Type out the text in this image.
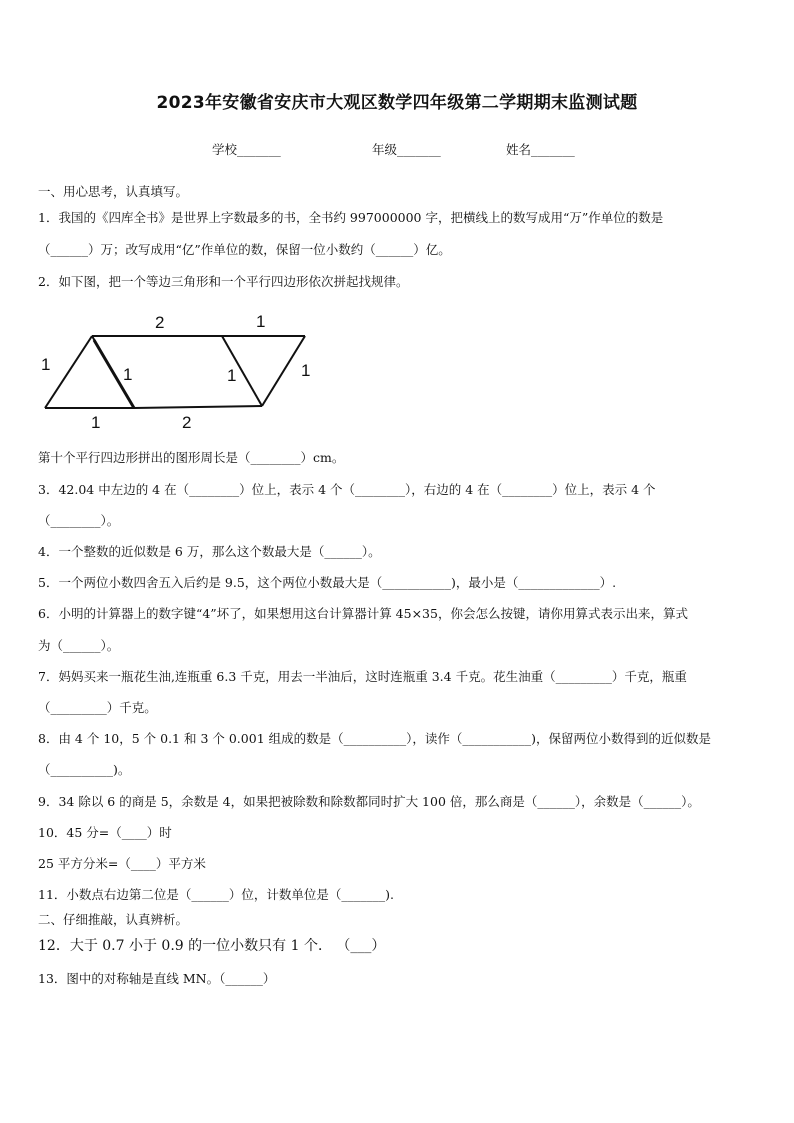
2023年安徽省安庆市大观区数学四年级第二学期期末监测试题
学校_______	年级_______	姓名_______
一、用心思考，认真填写。
1．我国的《四库全书》是世界上字数最多的书，全书约 997000000 字，把横线上的数写成用“万”作单位的数是
（______）万；改写成用“亿”作单位的数，保留一位小数约（______）亿。
2．如下图，把一个等边三角形和一个平行四边形依次拼起找规律。
1
2	1
1	1	1
1	2
第十个平行四边形拼出的图形周长是（________）cm。
3．42.04 中左边的 4 在（________）位上，表示 4 个（________），右边的 4 在（________）位上，表示 4 个
（________）。
4．一个整数的近似数是 6 万，那么这个数最大是（______）。
5．一个两位小数四舍五入后约是 9.5，这个两位小数最大是（___________)，最小是（_____________）.
6．小明的计算器上的数字键“4”坏了，如果想用这台计算器计算 45×35，你会怎么按键，请你用算式表示出来，算式
为（______）。
7．妈妈买来一瓶花生油,连瓶重 6.3 千克，用去一半油后，这时连瓶重 3.4 千克。花生油重（_________）千克，瓶重
（_________）千克。
8．由 4 个 10，5 个 0.1 和 3 个 0.001 组成的数是（__________），读作（___________)，保留两位小数得到的近似数是
（__________)。
9．34 除以 6 的商是 5，余数是 4，如果把被除数和除数都同时扩大 100 倍，那么商是（______），余数是（______）。
10．45 分=（____）时
25 平方分米=（____）平方米
11．小数点右边第二位是（______）位，计数单位是（_______).
二、仔细推敲，认真辨析。
12．大于 0.7 小于 0.9 的一位小数只有 1 个． （___）
13．图中的对称轴是直线 MN。（______）
